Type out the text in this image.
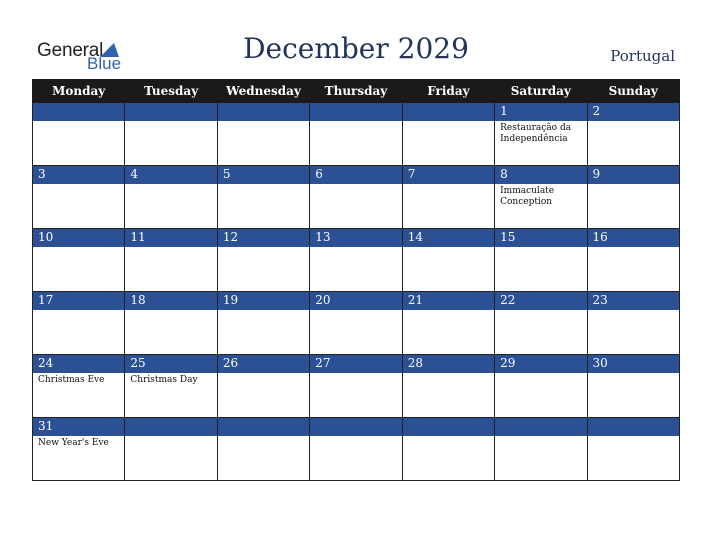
General
Blue	December 2029	Portugal
Monday	Tuesday	Wednesday	Thursday	Friday	Saturday	Sunday

					1	2

					Restauração da Independência	

3	4	5	6	7	8	9

					Immaculate Conception	

10	11	12	13	14	15	16

17	18	19	20	21	22	23

24	25	26	27	28	29	30

Christmas Eve	Christmas Day					

31						

New Year's Eve						
